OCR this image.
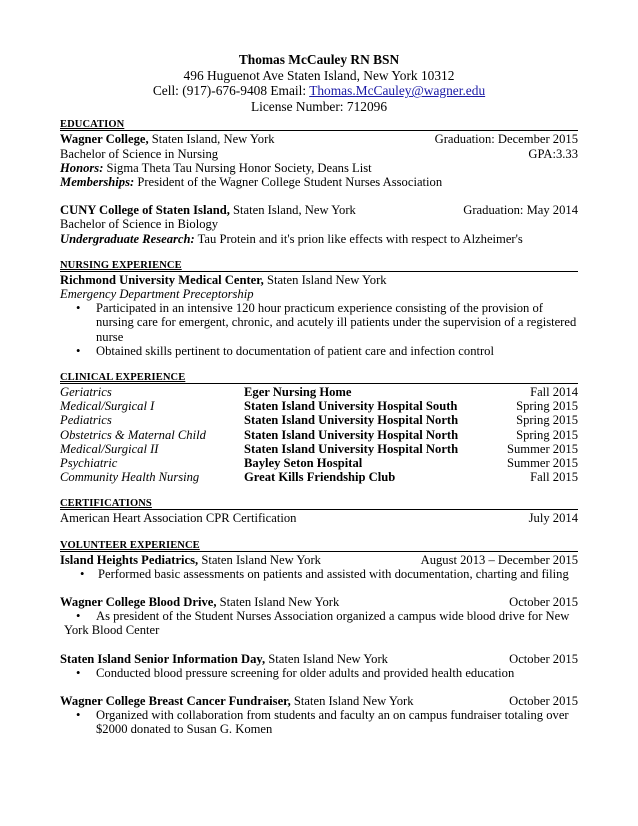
Thomas McCauley RN BSN
496 Huguenot Ave Staten Island, New York 10312
Cell: (917)-676-9408 Email: Thomas.McCauley@wagner.edu
License Number: 712096
EDUCATION
Wagner College, Staten Island, New York	Graduation: December 2015
Bachelor of Science in Nursing	GPA:3.33
Honors: Sigma Theta Tau Nursing Honor Society, Deans List
Memberships: President of the Wagner College Student Nurses Association
CUNY College of Staten Island, Staten Island, New York	Graduation: May 2014
Bachelor of Science in Biology
Undergraduate Research: Tau Protein and it's prion like effects with respect to Alzheimer's
NURSING EXPERIENCE
Richmond University Medical Center, Staten Island New York
Emergency Department Preceptorship
• Participated in an intensive 120 hour practicum experience consisting of the provision of nursing care for emergent, chronic, and acutely ill patients under the supervision of a registered nurse
• Obtained skills pertinent to documentation of patient care and infection control
CLINICAL EXPERIENCE
Geriatrics	Eger Nursing Home	Fall 2014
Medical/Surgical I	Staten Island University Hospital South	Spring 2015
Pediatrics	Staten Island University Hospital North	Spring 2015
Obstetrics & Maternal Child	Staten Island University Hospital North	Spring 2015
Medical/Surgical II	Staten Island University Hospital North	Summer 2015
Psychiatric	Bayley Seton Hospital	Summer 2015
Community Health Nursing	Great Kills Friendship Club	Fall 2015
CERTIFICATIONS
American Heart Association CPR Certification	July 2014
VOLUNTEER EXPERIENCE
Island Heights Pediatrics, Staten Island New York	August 2013 – December 2015
• Performed basic assessments on patients and assisted with documentation, charting and filing
Wagner College Blood Drive, Staten Island New York	October 2015
• As president of the Student Nurses Association organized a campus wide blood drive for New
York Blood Center
Staten Island Senior Information Day, Staten Island New York	October 2015
• Conducted blood pressure screening for older adults and provided health education
Wagner College Breast Cancer Fundraiser, Staten Island New York	October 2015
• Organized with collaboration from students and faculty an on campus fundraiser totaling over $2000 donated to Susan G. Komen
